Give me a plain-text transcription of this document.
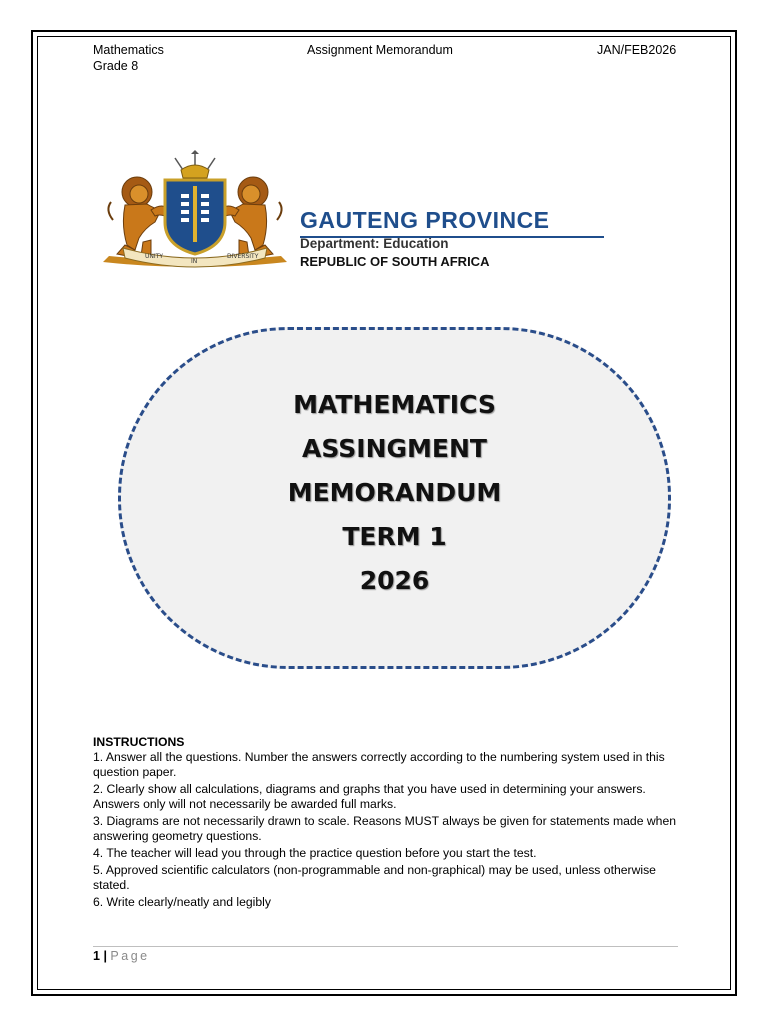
Mathematics	Assignment Memorandum	JAN/FEB2026
Grade 8
UNITY
IN
DIVERSITY
GAUTENG PROVINCE
Department: Education
REPUBLIC OF SOUTH AFRICA
MATHEMATICS
ASSINGMENT
MEMORANDUM
TERM 1
2026
INSTRUCTIONS
1. Answer all the questions. Number the answers correctly according to the numbering system used in this question paper.
2. Clearly show all calculations, diagrams and graphs that you have used in determining your answers. Answers only will not necessarily be awarded full marks.
3. Diagrams are not necessarily drawn to scale. Reasons MUST always be given for statements made when answering geometry questions.
4. The teacher will lead you through the practice question before you start the test.
5. Approved scientific calculators (non-programmable and non-graphical) may be used, unless otherwise stated.
6. Write clearly/neatly and legibly
1 | Page
